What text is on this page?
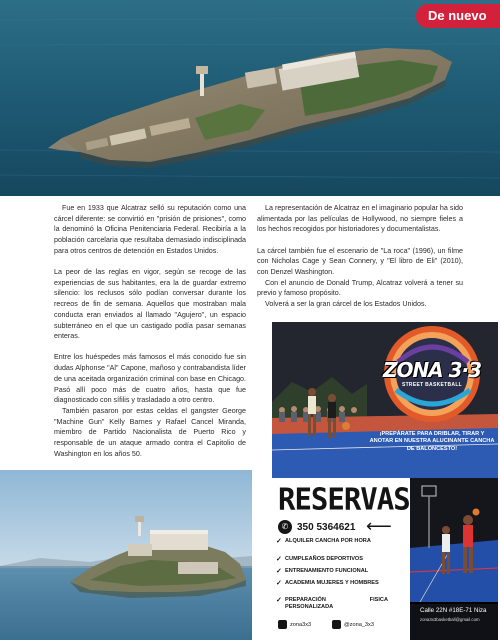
De nuevo

Fue en 1933 que Alcatraz selló su reputación como una cárcel diferente: se convirtió en "prisión de prisiones", como la denominó la Oficina Penitenciaria Federal. Recibiría a la población carcelaria que resultaba demasiado indisciplinada para otros centros de detención en Estados Unidos.

La peor de las reglas en vigor, según se recoge de las experiencias de sus habitantes, era la de guardar extremo silencio: los reclusos sólo podían conversar durante los recreos de fin de semana. Aquellos que mostraban mala conducta eran enviados al llamado "Agujero", un espacio subterráneo en el que un castigado podía pasar semanas enteras.

Entre los huéspedes más famosos el más conocido fue sin dudas Alphonse "Al" Capone, mañoso y contrabandista líder de una aceitada organización criminal con base en Chicago. Pasó allí poco más de cuatro años, hasta que fue diagnosticado con sífilis y trasladado a otro centro.

También pasaron por estas celdas el gangster George "Machine Gun" Kelly Barnes y Rafael Cancel Miranda, miembro de Partido Nacionalista de Puerto Rico y responsable de un ataque armado contra el Capitolio de Washington en los años 50.

La representación de Alcatraz en el imaginario popular ha sido alimentada por las películas de Hollywood, no siempre fieles a los hechos recogidos por historiadores y documentalistas.

La cárcel también fue el escenario de "La roca" (1996), un filme con Nicholas Cage y Sean Connery, y "El libro de Eli" (2010), con Denzel Washington.

Con el anuncio de Donald Trump, Alcatraz volverá a tener su previo y famoso propósito.

Volverá a ser la gran cárcel de los Estados Unidos.

ZONA 3·3
STREET BASKETBALL
¡PREPÁRATE PARA DRIBLAR, TIRAR Y ANOTAR EN NUESTRA ALUCINANTE CANCHA DE BALONCESTO!
RESERVAS
✆ 350 5364621 ⟵
✓ ALQUILER CANCHA POR HORA
✓ CUMPLEAÑOS DEPORTIVOS
✓ ENTRENAMIENTO FUNCIONAL
✓ ACADEMIA MUJERES Y HOMBRES
✓ PREPARACIÓN FISICA PERSONALIZADA
zona3x3	@zona_3x3
Calle 22N #18E-71 Niza
zona3x3basketball@gmail.com
